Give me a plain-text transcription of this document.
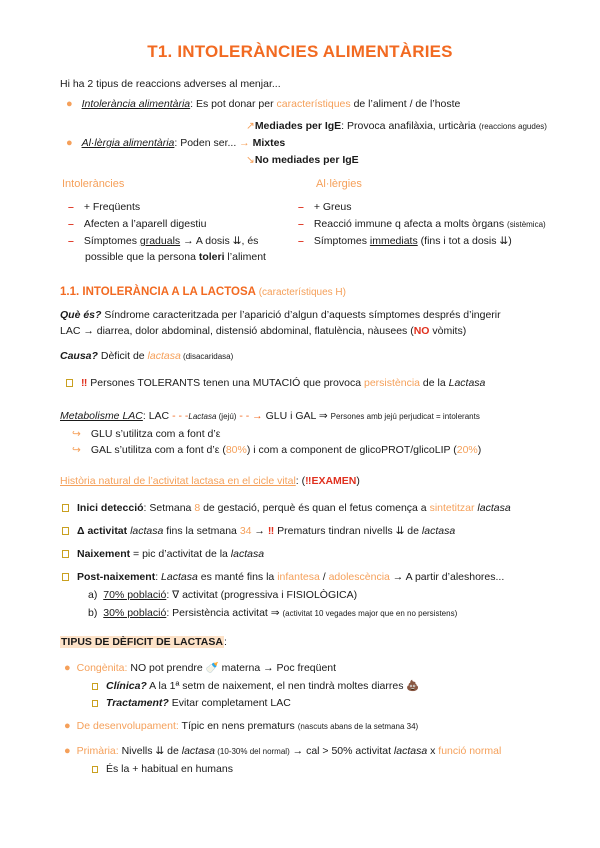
T1. INTOLERÀNCIES ALIMENTÀRIES
Hi ha 2 tipus de reaccions adverses al menjar...
● Intolerància alimentària: Es pot donar per característiques de l’aliment / de l’hoste
↗Mediades per IgE: Provoca anafilàxia, urticària (reaccions agudes)
● Al·lèrgia alimentària: Poden ser... → Mixtes
↘No mediades per IgE
Intoleràncies	Al·lèrgies
– + Freqüents
– Afecten a l’aparell digestiu
– Símptomes graduals → A dosis ⇊, és
possible que la persona toleri l’aliment
– + Greus
– Reacció immune q afecta a molts òrgans (sistèmica)
– Símptomes immediats (fins i tot a dosis ⇊)
1.1. INTOLERÀNCIA A LA LACTOSA (característiques H)
Què és? Síndrome caracteritzada per l’aparició d’algun d’aquests símptomes després d’ingerir
LAC → diarrea, dolor abdominal, distensió abdominal, flatulència, nàusees (NO vòmits)
Causa? Dèficit de lactasa (disacaridasa)
‼ Persones TOLERANTS tenen una MUTACIÓ que provoca persistència de la Lactasa
Metabolisme LAC: LAC - - -Lactasa (jejú) - - → GLU i GAL ⇒ Persones amb jejú perjudicat = intolerants
↪ GLU s’utilitza com a font d’ε
↪ GAL s’utilitza com a font d’ε (80%) i com a component de glicoPROT/glicoLIP (20%)
Història natural de l’activitat lactasa en el cicle vital: (‼EXAMEN)
Inici detecció: Setmana 8 de gestació, perquè és quan el fetus comença a sintetitzar lactasa
Δ activitat lactasa fins la setmana 34 → ‼ Prematurs tindran nivells ⇊ de lactasa
Naixement = pic d’activitat de la lactasa
Post-naixement: Lactasa es manté fins la infantesa / adolescència → A partir d’aleshores...
a) 70% població: ∇ activitat (progressiva i FISIOLÒGICA)
b) 30% població: Persistència activitat ⇒ (activitat 10 vegades major que en no persistens)
TIPUS DE DÈFICIT DE LACTASA:
● Congènita: NO pot prendre 🍼 materna → Poc freqüent
Clínica? A la 1ª setm de naixement, el nen tindrà moltes diarres 💩
Tractament? Evitar completament LAC
● De desenvolupament: Típic en nens prematurs (nascuts abans de la setmana 34)
● Primària: Nivells ⇊ de lactasa (10-30% del normal) → cal > 50% activitat lactasa x funció normal
És la + habitual en humans
